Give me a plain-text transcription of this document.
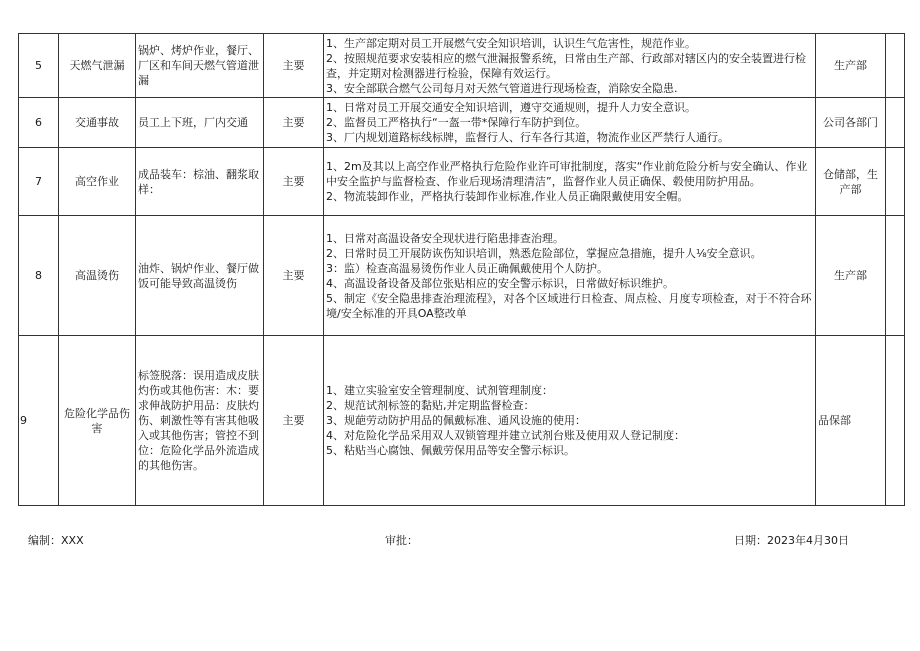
5	天燃气泄漏	锅炉、烤炉作业，餐厅、厂区和车间天燃气管道泄漏	主要	1、生产部定期对员工开展燃气安全知识培训，认识生气危害性，规范作业。
2、按照规范要求安装相应的燃气泄漏报警系统，日常由生产部、行政部对辖区内的安全装置进行检查，并定期对检测器进行检验，保障有效运行。
3、安全部联合燃气公司每月对天然气管道进行现场检查，消除安全隐患.	生产部	
6	交通事故	员工上下班，厂内交通	主要	1、日常对员工开展交通安全知识培训，遵守交通规则，提升人力安全意识。
2、监督员工严格执行“一盔一带*保障行车防护到位。
3、厂内规划道路标线标牌，监督行人、行车各行其道，物流作业区严禁行人通行。	公司各部门	
7	高空作业	成品装车：棕油、翻浆取样：	主要	1、2m及其以上高空作业严格执行危险作业许可审批制度，落实“作业前危险分析与安全确认、作业中安全监护与监督检查、作业后现场清理清洁”，监督作业人员正确保、毂使用防护用品。
2、物流装卸作业，严格执行装卸作业标准,作业人员正确限戴使用安全帽。	仓储部，生产部	
8	高温烫伤	油炸、锅炉作业、餐厅做饭可能导致高温烫伤	主要	1、日常对高温设备安全现状进行陷患排查治理。
2、日常时员工开展防诙伤知识培训，熟悉危险部位，掌握应急措施，提升人⅛安全意识。
3：监）检查高温易烫伤作业人员正确佩戴使用个人防护。
4、高温设备设备及部位张贴相应的安全警示标识，日常做好标识维护。
5、制定《安全隐患排查治理流程》，对各个区域进行日检查、周点检、月度专项检查，对于不符合环境/安全标准的开具OA整改单	生产部	
9	危险化学品伤害	标签脱落：误用造成皮肤灼伤或其他伤害：木：要求伸战防护用品：皮肤灼伤、刺激性等有害其他吸入或其他伤害；管控不到位：危险化学品外流造成的其他伤害。	主要	1、建立实验室安全管理制度、试剂管理制度：
2、规范试剂标签的黏贴,并定期监督检查：
3、规葩劳动防护用品的佩戴标准、通风设施的使用：
4、对危险化学品采用双人双锁管理并建立试剂台账及使用双人登记制度：
5、粘贴当心腐蚀、佩戴劳保用品等安全警示标识。	品保部	
编制：XXX	审批：	日期：2023年4月30日
